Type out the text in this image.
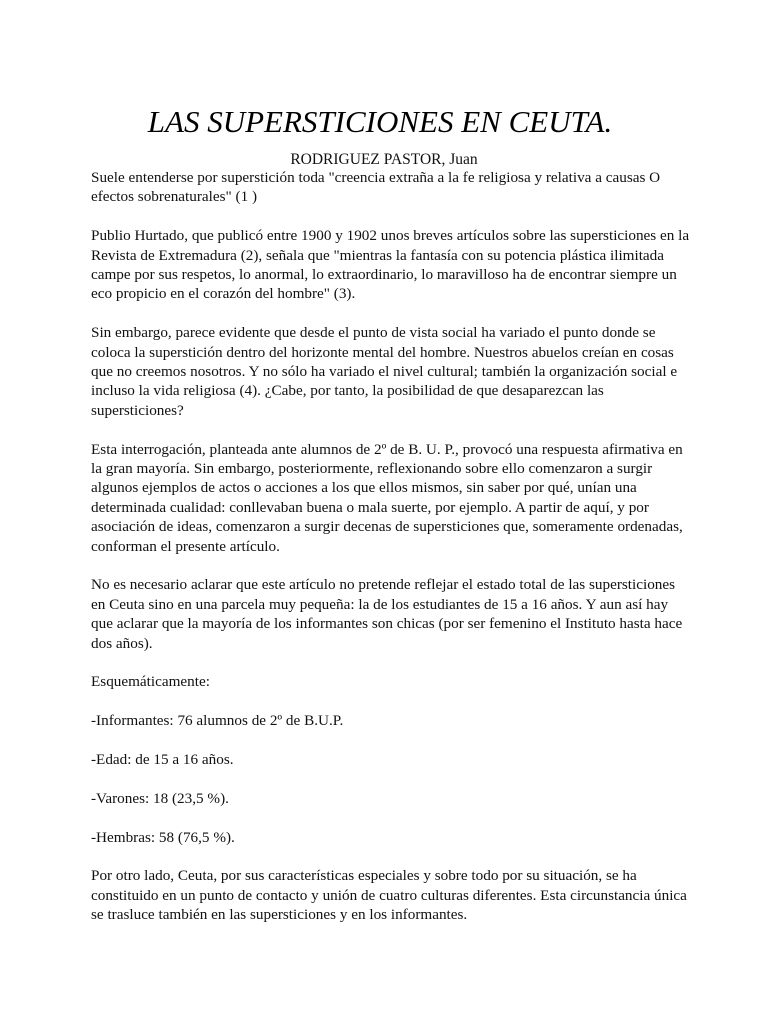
LAS SUPERSTICIONES EN CEUTA.
RODRIGUEZ PASTOR, Juan

Suele entenderse por superstición toda "creencia extraña a la fe religiosa y relativa a causas O efectos sobrenaturales" (1 )

Publio Hurtado, que publicó entre 1900 y 1902 unos breves artículos sobre las supersticiones en la Revista de Extremadura (2), señala que "mientras la fantasía con su potencia plástica ilimitada campe por sus respetos, lo anormal, lo extraordinario, lo maravilloso ha de encontrar siempre un eco propicio en el corazón del hombre" (3).

Sin embargo, parece evidente que desde el punto de vista social ha variado el punto donde se coloca la superstición dentro del horizonte mental del hombre. Nuestros abuelos creían en cosas que no creemos nosotros. Y no sólo ha variado el nivel cultural; también la organización social e incluso la vida religiosa (4). ¿Cabe, por tanto, la posibilidad de que desaparezcan las supersticiones?

Esta interrogación, planteada ante alumnos de 2º de B. U. P., provocó una respuesta afirmativa en la gran mayoría. Sin embargo, posteriormente, reflexionando sobre ello comenzaron a surgir algunos ejemplos de actos o acciones a los que ellos mismos, sin saber por qué, unían una determinada cualidad: conllevaban buena o mala suerte, por ejemplo. A partir de aquí, y por asociación de ideas, comenzaron a surgir decenas de supersticiones que, someramente ordenadas, conforman el presente artículo.

No es necesario aclarar que este artículo no pretende reflejar el estado total de las supersticiones en Ceuta sino en una parcela muy pequeña: la de los estudiantes de 15 a 16 años. Y aun así hay que aclarar que la mayoría de los informantes son chicas (por ser femenino el Instituto hasta hace dos años).

Esquemáticamente:

-Informantes: 76 alumnos de 2º de B.U.P.

-Edad: de 15 a 16 años.

-Varones: 18 (23,5 %).

-Hembras: 58 (76,5 %).

Por otro lado, Ceuta, por sus características especiales y sobre todo por su situación, se ha constituido en un punto de contacto y unión de cuatro culturas diferentes. Esta circunstancia única se trasluce también en las supersticiones y en los informantes.
